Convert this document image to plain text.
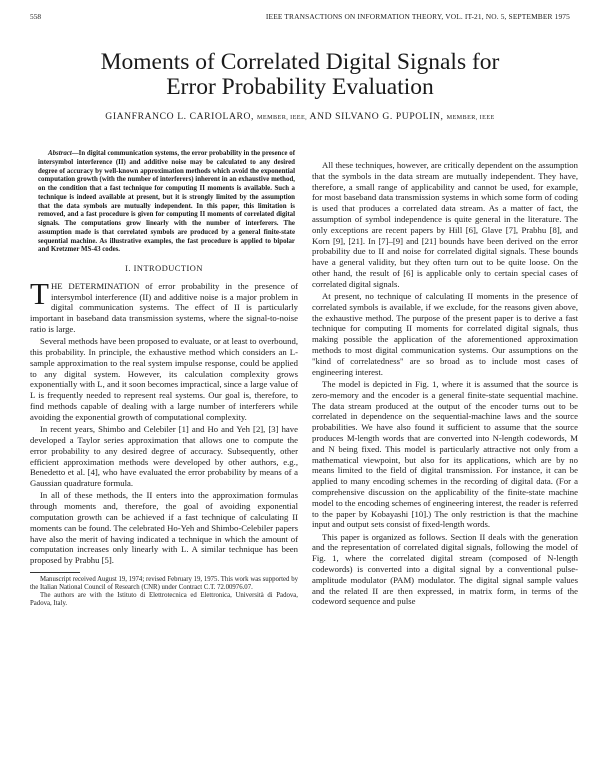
558	IEEE TRANSACTIONS ON INFORMATION THEORY, VOL. IT-21, NO. 5, SEPTEMBER 1975
Moments of Correlated Digital Signals for
Error Probability Evaluation
GIANFRANCO L. CARIOLARO, MEMBER, IEEE, AND SILVANO G. PUPOLIN, MEMBER, IEEE

Abstract—In digital communication systems, the error probability in the presence of intersymbol interference (II) and additive noise may be calculated to any desired degree of accuracy by well-known approximation methods which avoid the exponential computation growth (with the number of interferers) inherent in an exhaustive method, on the condition that a fast technique for computing II moments is available. Such a technique is indeed available at present, but it is strongly limited by the assumption that the data symbols are mutually independent. In this paper, this limitation is removed, and a fast procedure is given for computing II moments of correlated digital signals. The computations grow linearly with the number of interferers. The assumption made is that correlated symbols are produced by a general finite-state sequential machine. As illustrative examples, the fast procedure is applied to bipolar and Kretzmer MS-43 codes.

I. INTRODUCTION

THE DETERMINATION of error probability in the presence of intersymbol interference (II) and additive noise is a major problem in digital communication systems. The effect of II is particularly important in baseband data transmission systems, where the signal-to-noise ratio is large.

Several methods have been proposed to evaluate, or at least to overbound, this probability. In principle, the exhaustive method which considers an L-sample approximation to the real system impulse response, could be applied to any digital system. However, its calculation complexity grows exponentially with L, and it soon becomes impractical, since a large value of L is frequently needed to represent real systems. Our goal is, therefore, to find methods capable of dealing with a large number of interferers while avoiding the exponential growth of computational complexity.

In recent years, Shimbo and Celebiler [1] and Ho and Yeh [2], [3] have developed a Taylor series approximation that allows one to compute the error probability to any desired degree of accuracy. Subsequently, other efficient approximation methods were developed by other authors, e.g., Benedetto et al. [4], who have evaluated the error probability by means of a Gaussian quadrature formula.

In all of these methods, the II enters into the approximation formulas through moments and, therefore, the goal of avoiding exponential computation growth can be achieved if a fast technique of calculating II moments can be found. The celebrated Ho-Yeh and Shimbo-Celebiler papers have also the merit of having indicated a technique in which the amount of computation increases only linearly with L. A similar technique has been proposed by Prabhu [5].

Manuscript received August 19, 1974; revised February 19, 1975. This work was supported by the Italian National Council of Research (CNR) under Contract C.T. 72.00976.07.

The authors are with the Istituto di Elettrotecnica ed Elettronica, Università di Padova, Padova, Italy.

All these techniques, however, are critically dependent on the assumption that the symbols in the data stream are mutually independent. They have, therefore, a small range of applicability and cannot be used, for example, for most baseband data transmission systems in which some form of coding is used that produces a correlated data stream. As a matter of fact, the assumption of symbol independence is quite general in the literature. The only exceptions are recent papers by Hill [6], Glave [7], Prabhu [8], and Korn [9], [21]. In [7]–[9] and [21] bounds have been derived on the error probability due to II and noise for correlated digital signals. These bounds have a general validity, but they often turn out to be quite loose. On the other hand, the result of [6] is applicable only to certain special cases of correlated digital signals.

At present, no technique of calculating II moments in the presence of correlated symbols is available, if we exclude, for the reasons given above, the exhaustive method. The purpose of the present paper is to derive a fast technique for computing II moments for correlated digital signals, thus making possible the application of the aforementioned approximation methods to most digital communication systems. Our assumptions on the "kind of correlatedness" are so broad as to include most cases of engineering interest.

The model is depicted in Fig. 1, where it is assumed that the source is zero-memory and the encoder is a general finite-state sequential machine. The data stream produced at the output of the encoder turns out to be correlated in dependence on the sequential-machine laws and the source probabilities. We have also found it sufficient to assume that the source produces M-length words that are converted into N-length codewords, M and N being fixed. This model is particularly attractive not only from a mathematical viewpoint, but also for its applications, which are by no means limited to the field of digital transmission. For instance, it can be applied to many encoding schemes in the recording of digital data. (For a comprehensive discussion on the applicability of the finite-state machine model to the encoding schemes of engineering interest, the reader is referred to the paper by Kobayashi [10].) The only restriction is that the machine input and output sets consist of fixed-length words.

This paper is organized as follows. Section II deals with the generation and the representation of correlated digital signals, following the model of Fig. 1, where the correlated digital stream (composed of N-length codewords) is converted into a digital signal by a conventional pulse-amplitude modulator (PAM) modulator. The digital signal sample values and the related II are then expressed, in matrix form, in terms of the codeword sequence and pulse
